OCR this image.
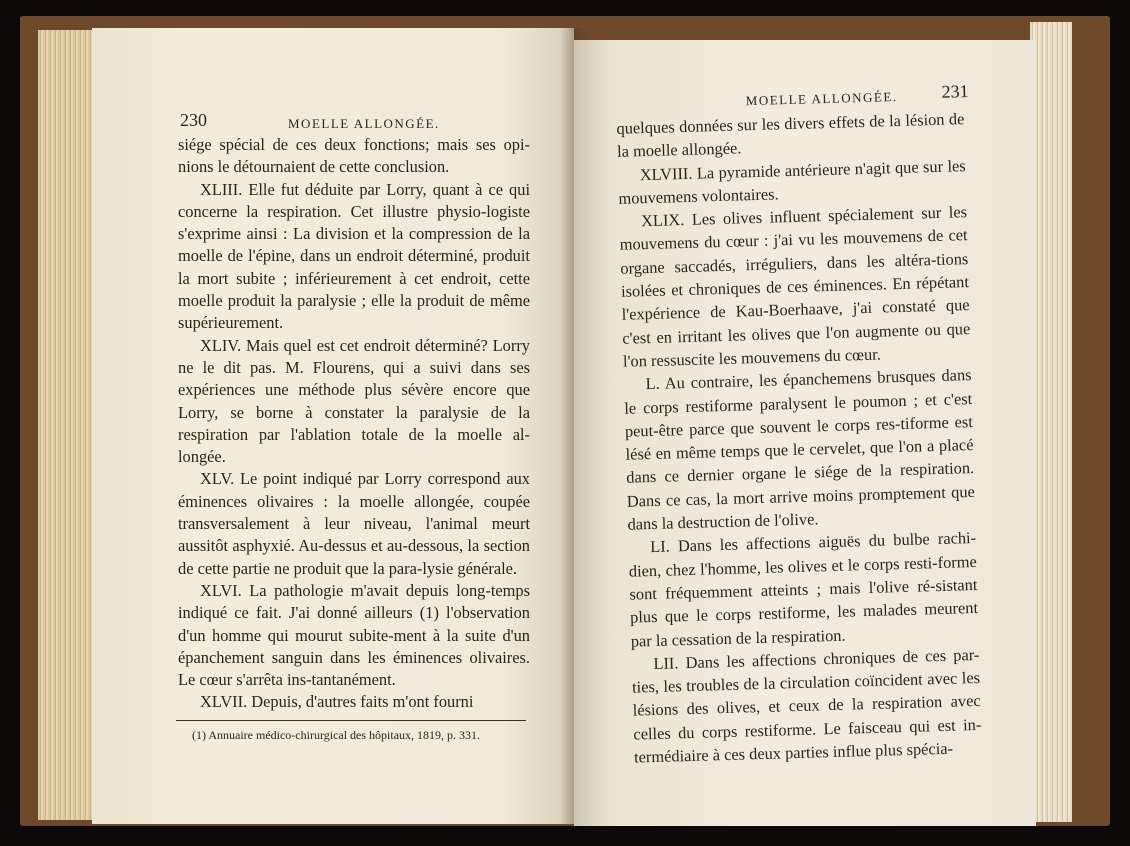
230	MOELLE ALLONGÉE.

siége spécial de ces deux fonctions; mais ses opi-nions le détournaient de cette conclusion.

XLIII. Elle fut déduite par Lorry, quant à ce qui concerne la respiration. Cet illustre physio-logiste s'exprime ainsi : La division et la compression de la moelle de l'épine, dans un endroit déterminé, produit la mort subite ; inférieurement à cet endroit, cette moelle produit la paralysie ; elle la produit de même supérieurement.

XLIV. Mais quel est cet endroit déterminé? Lorry ne le dit pas. M. Flourens, qui a suivi dans ses expériences une méthode plus sévère encore que Lorry, se borne à constater la paralysie de la respiration par l'ablation totale de la moelle al-longée.

XLV. Le point indiqué par Lorry correspond aux éminences olivaires : la moelle allongée, coupée transversalement à leur niveau, l'animal meurt aussitôt asphyxié. Au-dessus et au-dessous, la section de cette partie ne produit que la para-lysie générale.

XLVI. La pathologie m'avait depuis long-temps indiqué ce fait. J'ai donné ailleurs (1) l'observation d'un homme qui mourut subite-ment à la suite d'un épanchement sanguin dans les éminences olivaires. Le cœur s'arrêta ins-tantanément.

XLVII. Depuis, d'autres faits m'ont fourni

(1) Annuaire médico-chirurgical des hôpitaux, 1819, p. 331.
MOELLE ALLONGÉE. 231

quelques données sur les divers effets de la lésion de la moelle allongée.

XLVIII. La pyramide antérieure n'agit que sur les mouvemens volontaires.

XLIX. Les olives influent spécialement sur les mouvemens du cœur : j'ai vu les mouvemens de cet organe saccadés, irréguliers, dans les altéra-tions isolées et chroniques de ces éminences. En répétant l'expérience de Kau-Boerhaave, j'ai constaté que c'est en irritant les olives que l'on augmente ou que l'on ressuscite les mouvemens du cœur.

L. Au contraire, les épanchemens brusques dans le corps restiforme paralysent le poumon ; et c'est peut-être parce que souvent le corps res-tiforme est lésé en même temps que le cervelet, que l'on a placé dans ce dernier organe le siége de la respiration. Dans ce cas, la mort arrive moins promptement que dans la destruction de l'olive.

LI. Dans les affections aiguës du bulbe rachi-dien, chez l'homme, les olives et le corps resti-forme sont fréquemment atteints ; mais l'olive ré-sistant plus que le corps restiforme, les malades meurent par la cessation de la respiration.

LII. Dans les affections chroniques de ces par-ties, les troubles de la circulation coïncident avec les lésions des olives, et ceux de la respiration avec celles du corps restiforme. Le faisceau qui est in-termédiaire à ces deux parties influe plus spécia-
